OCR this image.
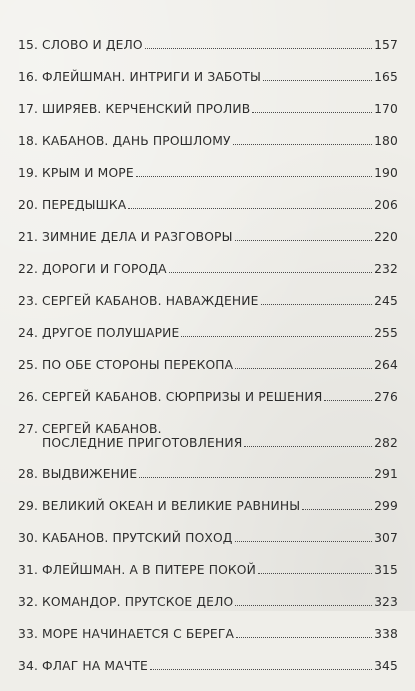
15. СЛОВО И ДЕЛО	157
16. ФЛЕЙШМАН. ИНТРИГИ И ЗАБОТЫ	165
17. ШИРЯЕВ. КЕРЧЕНСКИЙ ПРОЛИВ	170
18. КАБАНОВ. ДАНЬ ПРОШЛОМУ	180
19. КРЫМ И МОРЕ	190
20. ПЕРЕДЫШКА	206
21. ЗИМНИЕ ДЕЛА И РАЗГОВОРЫ	220
22. ДОРОГИ И ГОРОДА	232
23. СЕРГЕЙ КАБАНОВ. НАВАЖДЕНИЕ	245
24. ДРУГОЕ ПОЛУШАРИЕ	255
25. ПО ОБЕ СТОРОНЫ ПЕРЕКОПА	264
26. СЕРГЕЙ КАБАНОВ. СЮРПРИЗЫ И РЕШЕНИЯ	276
27. СЕРГЕЙ КАБАНОВ.
ПОСЛЕДНИЕ ПРИГОТОВЛЕНИЯ	282
28. ВЫДВИЖЕНИЕ	291
29. ВЕЛИКИЙ ОКЕАН И ВЕЛИКИЕ РАВНИНЫ	299
30. КАБАНОВ. ПРУТСКИЙ ПОХОД	307
31. ФЛЕЙШМАН. А В ПИТЕРЕ ПОКОЙ	315
32. КОМАНДОР. ПРУТСКОЕ ДЕЛО	323
33. МОРЕ НАЧИНАЕТСЯ С БЕРЕГА	338
34. ФЛАГ НА МАЧТЕ	345
